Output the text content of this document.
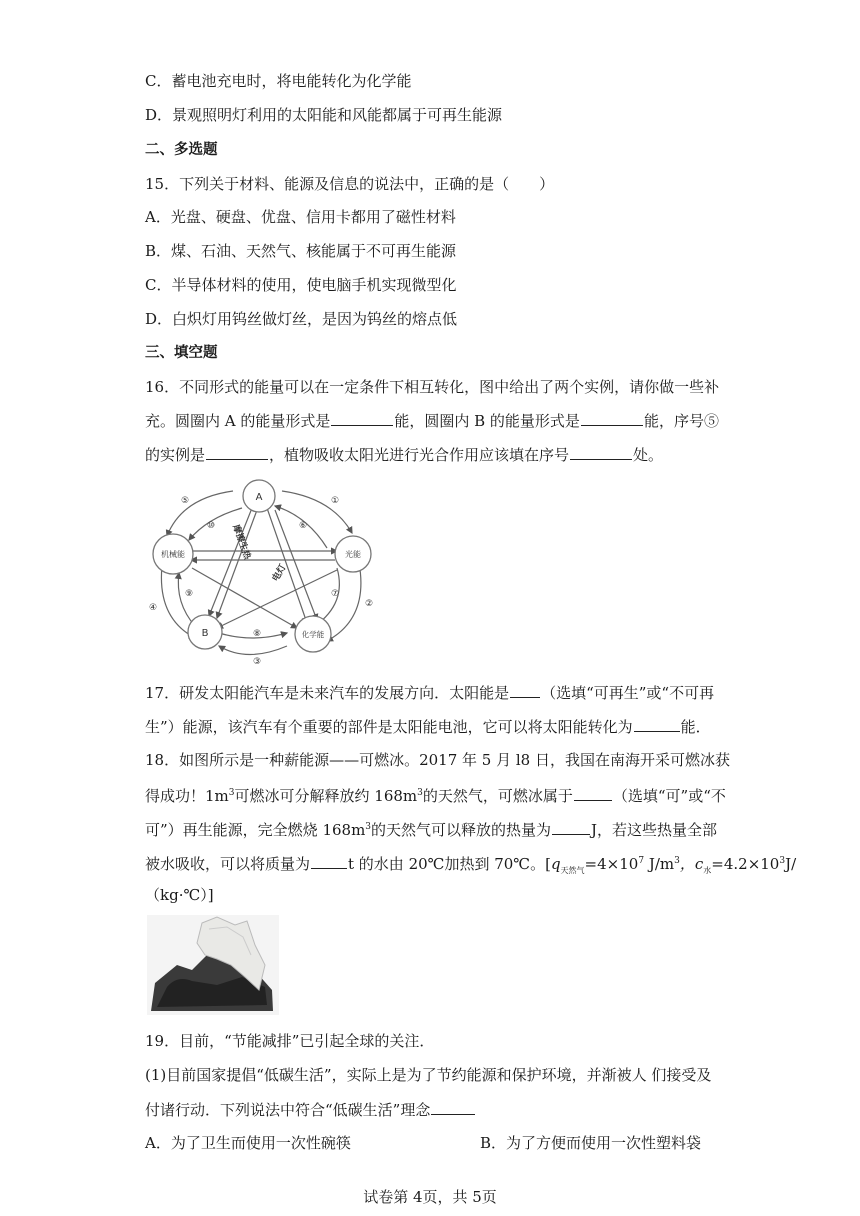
C．蓄电池充电时，将电能转化为化学能
D．景观照明灯利用的太阳能和风能都属于可再生能源
二、多选题
15．下列关于材料、能源及信息的说法中，正确的是（　　）
A．光盘、硬盘、优盘、信用卡都用了磁性材料
B．煤、石油、天然气、核能属于不可再生能源
C．半导体材料的使用，使电脑手机实现微型化
D．白炽灯用钨丝做灯丝，是因为钨丝的熔点低
三、填空题
16．不同形式的能量可以在一定条件下相互转化，图中给出了两个实例，请你做一些补
充。圆圈内 A 的能量形式是	能，圆圈内 B 的能量形式是	能，序号⑤
的实例是	，植物吸收太阳光进行光合作用应该填在序号	处。
A
机械能	光能
B	化学能
摩擦生热
电灯
①
②
③
④
⑤
⑥
⑦
⑧
⑨
⑩
17．研发太阳能汽车是未来汽车的发展方向．太阳能是 （选填“可再生”或“不可再
生”）能源，该汽车有个重要的部件是太阳能电池，它可以将太阳能转化为	能．
18．如图所示是一种薪能源——可燃冰。2017 年 5 月 l8 日，我国在南海开采可燃冰获
得成功！$1m^3$可燃冰可分解释放约 $168m^3$的天然气，可燃冰属于	（选填“可”或“不
可”）再生能源，完全燃烧 $168m^3$的天然气可以释放的热量为	J，若这些热量全部
被水吸收，可以将质量为	t 的水由 20℃加热到 70℃。[$q_{天然气}=4\times 10^7$ $J/m^3$，$c_水=4.2\times 10^3J/$
（kg·℃）]
19．目前，“节能减排”已引起全球的关注．
(1)目前国家提倡“低碳生活”，实际上是为了节约能源和保护环境，并渐被人 们接受及
付诸行动．下列说法中符合“低碳生活”理念
A．为了卫生而使用一次性碗筷	B．为了方便而使用一次性塑料袋
试卷第 4页，共 5页
